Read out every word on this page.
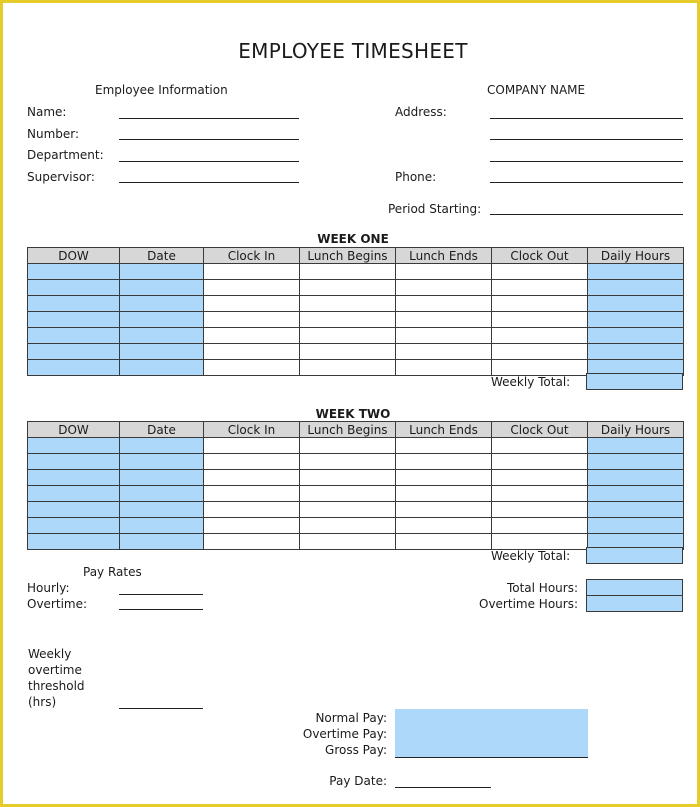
EMPLOYEE TIMESHEET
Employee Information
Name:
Number:
Department:
Supervisor:
COMPANY NAME
Address:
Phone:
Period Starting:
WEEK ONE
DOW	Date	Clock In	Lunch Begins	Lunch Ends	Clock Out	Daily Hours

Weekly Total:
WEEK TWO
DOW	Date	Clock In	Lunch Begins	Lunch Ends	Clock Out	Daily Hours

Weekly Total:
Pay Rates
Hourly:
Overtime:
Total Hours:
Overtime Hours:
Weekly
overtime
threshold
(hrs)
Normal Pay:
Overtime Pay:
Gross Pay:
Pay Date:
